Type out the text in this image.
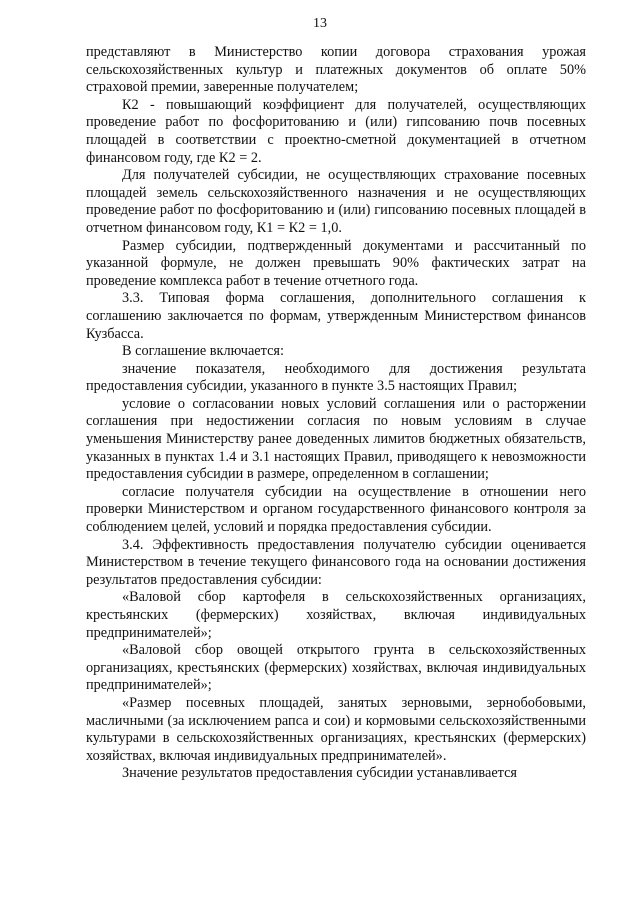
13

представляют в Министерство копии договора страхования урожая сельскохозяйственных культур и платежных документов об оплате 50% страховой премии, заверенные получателем;

К2 - повышающий коэффициент для получателей, осуществляющих проведение работ по фосфоритованию и (или) гипсованию почв посевных площадей в соответствии с проектно-сметной документацией в отчетном финансовом году, где К2 = 2.

Для получателей субсидии, не осуществляющих страхование посевных площадей земель сельскохозяйственного назначения и не осуществляющих проведение работ по фосфоритованию и (или) гипсованию посевных площадей в отчетном финансовом году, К1 = К2 = 1,0.

Размер субсидии, подтвержденный документами и рассчитанный по указанной формуле, не должен превышать 90% фактических затрат на проведение комплекса работ в течение отчетного года.

3.3. Типовая форма соглашения, дополнительного соглашения к соглашению заключается по формам, утвержденным Министерством финансов Кузбасса.

В соглашение включается:

значение показателя, необходимого для достижения результата предоставления субсидии, указанного в пункте 3.5 настоящих Правил;

условие о согласовании новых условий соглашения или о расторжении соглашения при недостижении согласия по новым условиям в случае уменьшения Министерству ранее доведенных лимитов бюджетных обязательств, указанных в пунктах 1.4 и 3.1 настоящих Правил, приводящего к невозможности предоставления субсидии в размере, определенном в соглашении;

согласие получателя субсидии на осуществление в отношении него проверки Министерством и органом государственного финансового контроля за соблюдением целей, условий и порядка предоставления субсидии.

3.4. Эффективность предоставления получателю субсидии оценивается Министерством в течение текущего финансового года на основании достижения результатов предоставления субсидии:

«Валовой сбор картофеля в сельскохозяйственных организациях, крестьянских (фермерских) хозяйствах, включая индивидуальных предпринимателей»;

«Валовой сбор овощей открытого грунта в сельскохозяйственных организациях, крестьянских (фермерских) хозяйствах, включая индивидуальных предпринимателей»;

«Размер посевных площадей, занятых зерновыми, зернобобовыми, масличными (за исключением рапса и сои) и кормовыми сельскохозяйственными культурами в сельскохозяйственных организациях, крестьянских (фермерских) хозяйствах, включая индивидуальных предпринимателей».

Значение результатов предоставления субсидии устанавливается
